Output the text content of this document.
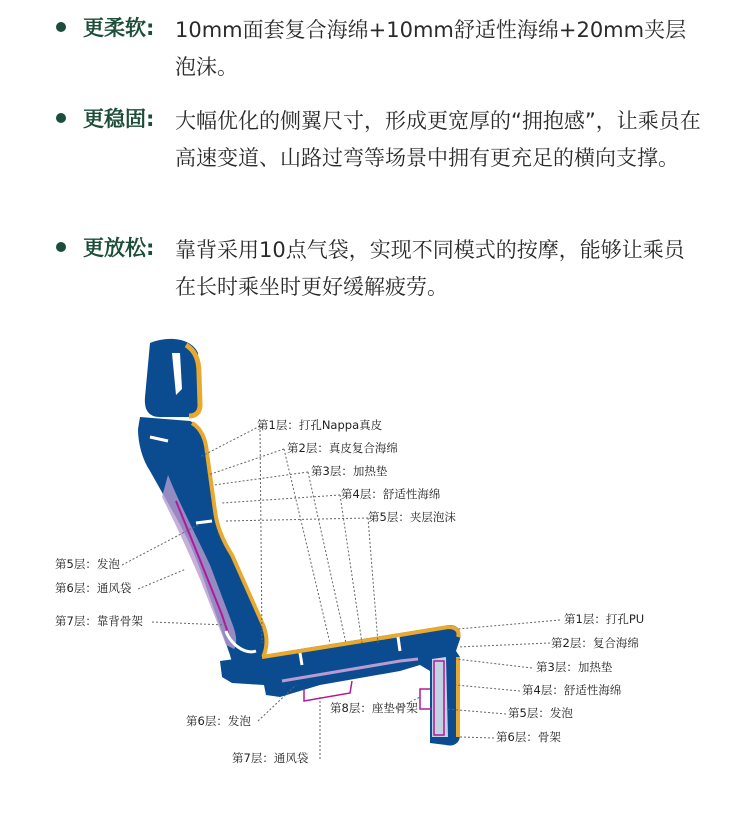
更柔软: 10mm面套复合海绵+10mm舒适性海绵+20mm夹层泡沫。
更稳固: 大幅优化的侧翼尺寸，形成更宽厚的“拥抱感”，让乘员在高速变道、山路过弯等场景中拥有更充足的横向支撑。
更放松: 靠背采用10点气袋，实现不同模式的按摩，能够让乘员在长时乘坐时更好缓解疲劳。
第1层：打孔Nappa真皮
第2层：真皮复合海绵
第3层：加热垫
第4层：舒适性海绵
第5层：夹层泡沫
第5层：发泡
第6层：通风袋
第7层：靠背骨架	第1层：打孔PU
第2层：复合海绵
第3层：加热垫
第4层：舒适性海绵
第5层：发泡
第6层：骨架
第8层：座垫骨架
第6层：发泡
第7层：通风袋
